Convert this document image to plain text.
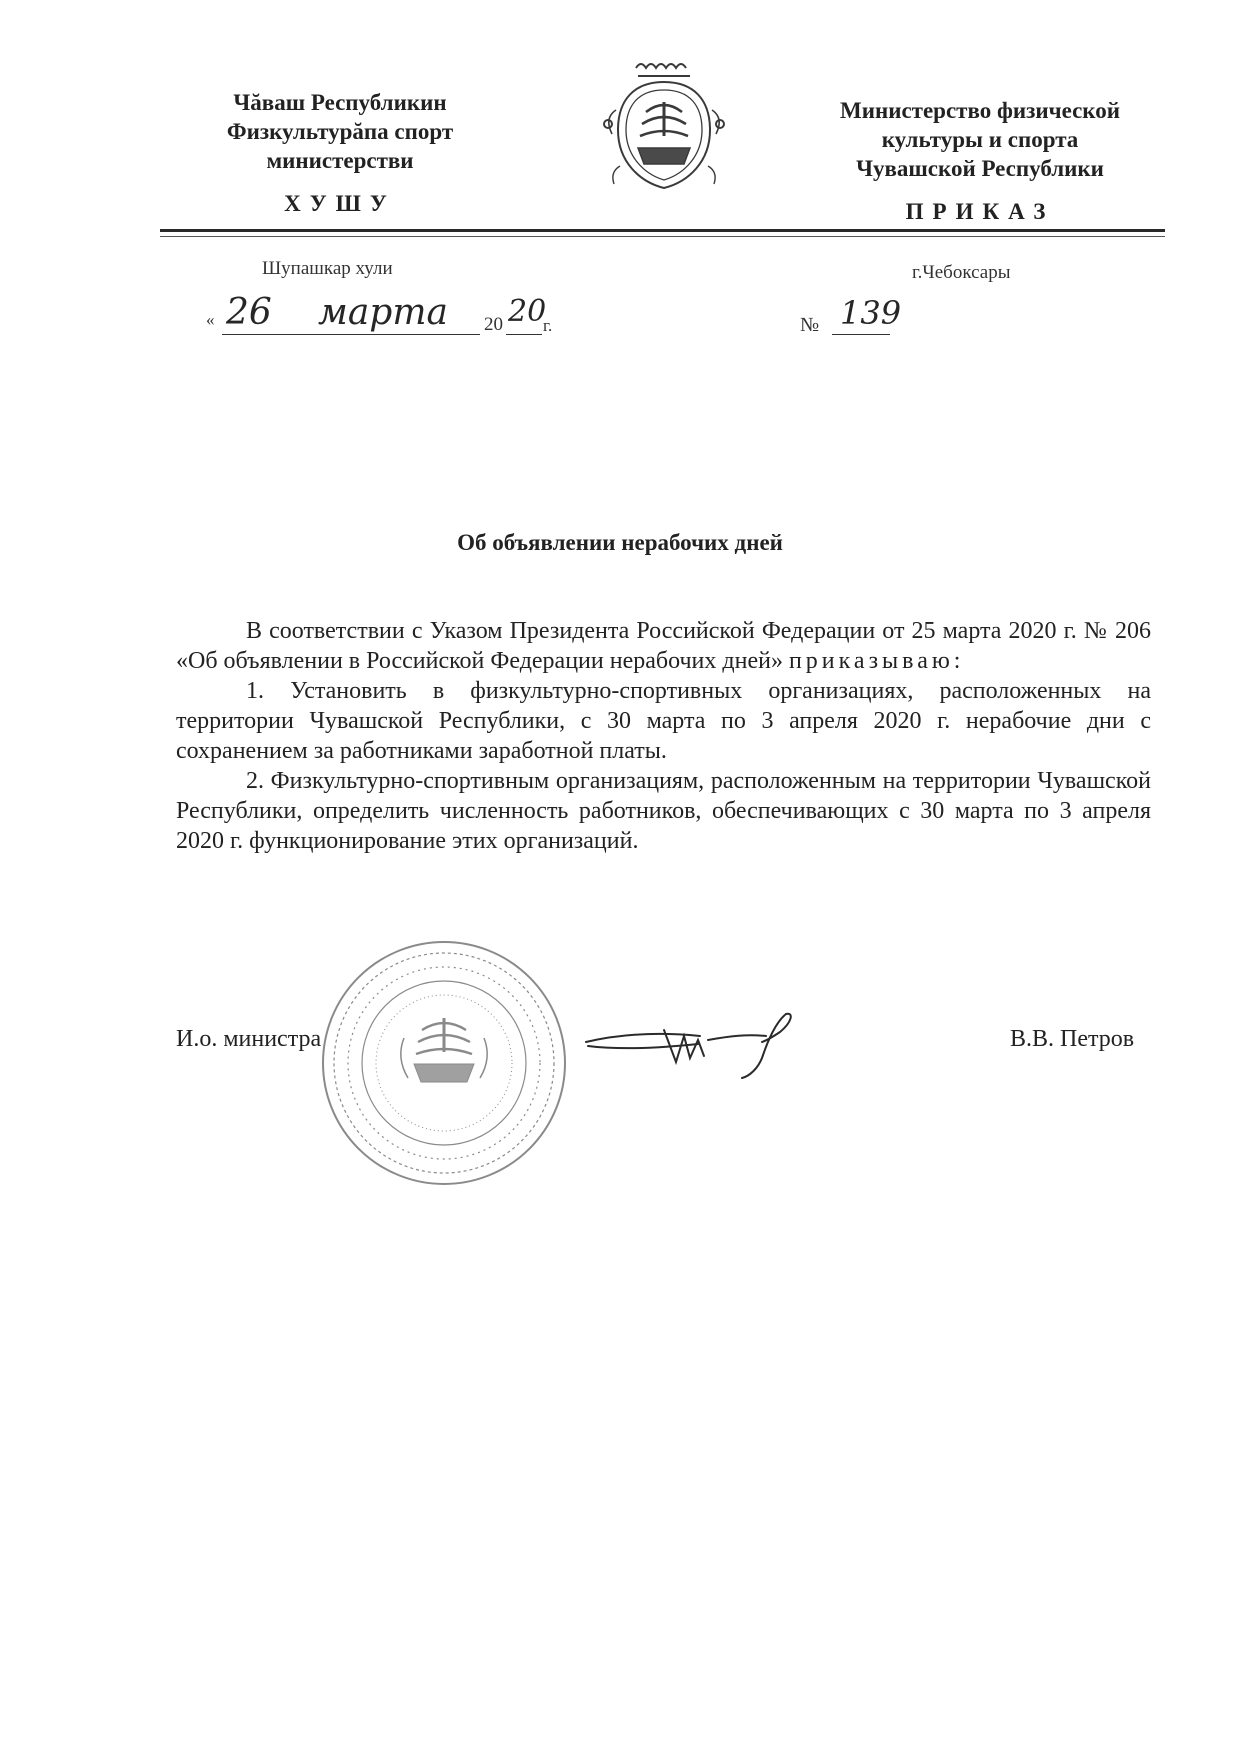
Чăваш Республикин
Физкультурăпа спорт
министерстви
ХУШУ
Министерство физической
культуры и спорта
Чувашской Республики
ПРИКАЗ
Шупашкар хули	г.Чебоксары
« 26 марта 20 20
г.	№ 139
Об объявлении нерабочих дней

В соответствии с Указом Президента Российской Федерации от 25 марта 2020 г. № 206 «Об объявлении в Российской Федерации нерабочих дней» приказываю:

1. Установить в физкультурно-спортивных организациях, расположенных на территории Чувашской Республики, с 30 марта по 3 апреля 2020 г. нерабочие дни с сохранением за работниками заработной платы.

2. Физкультурно-спортивным организациям, расположенным на территории Чувашской Республики, определить численность работников, обеспечивающих с 30 марта по 3 апреля 2020 г. функционирование этих организаций.

И.о. министра	В.В. Петров
